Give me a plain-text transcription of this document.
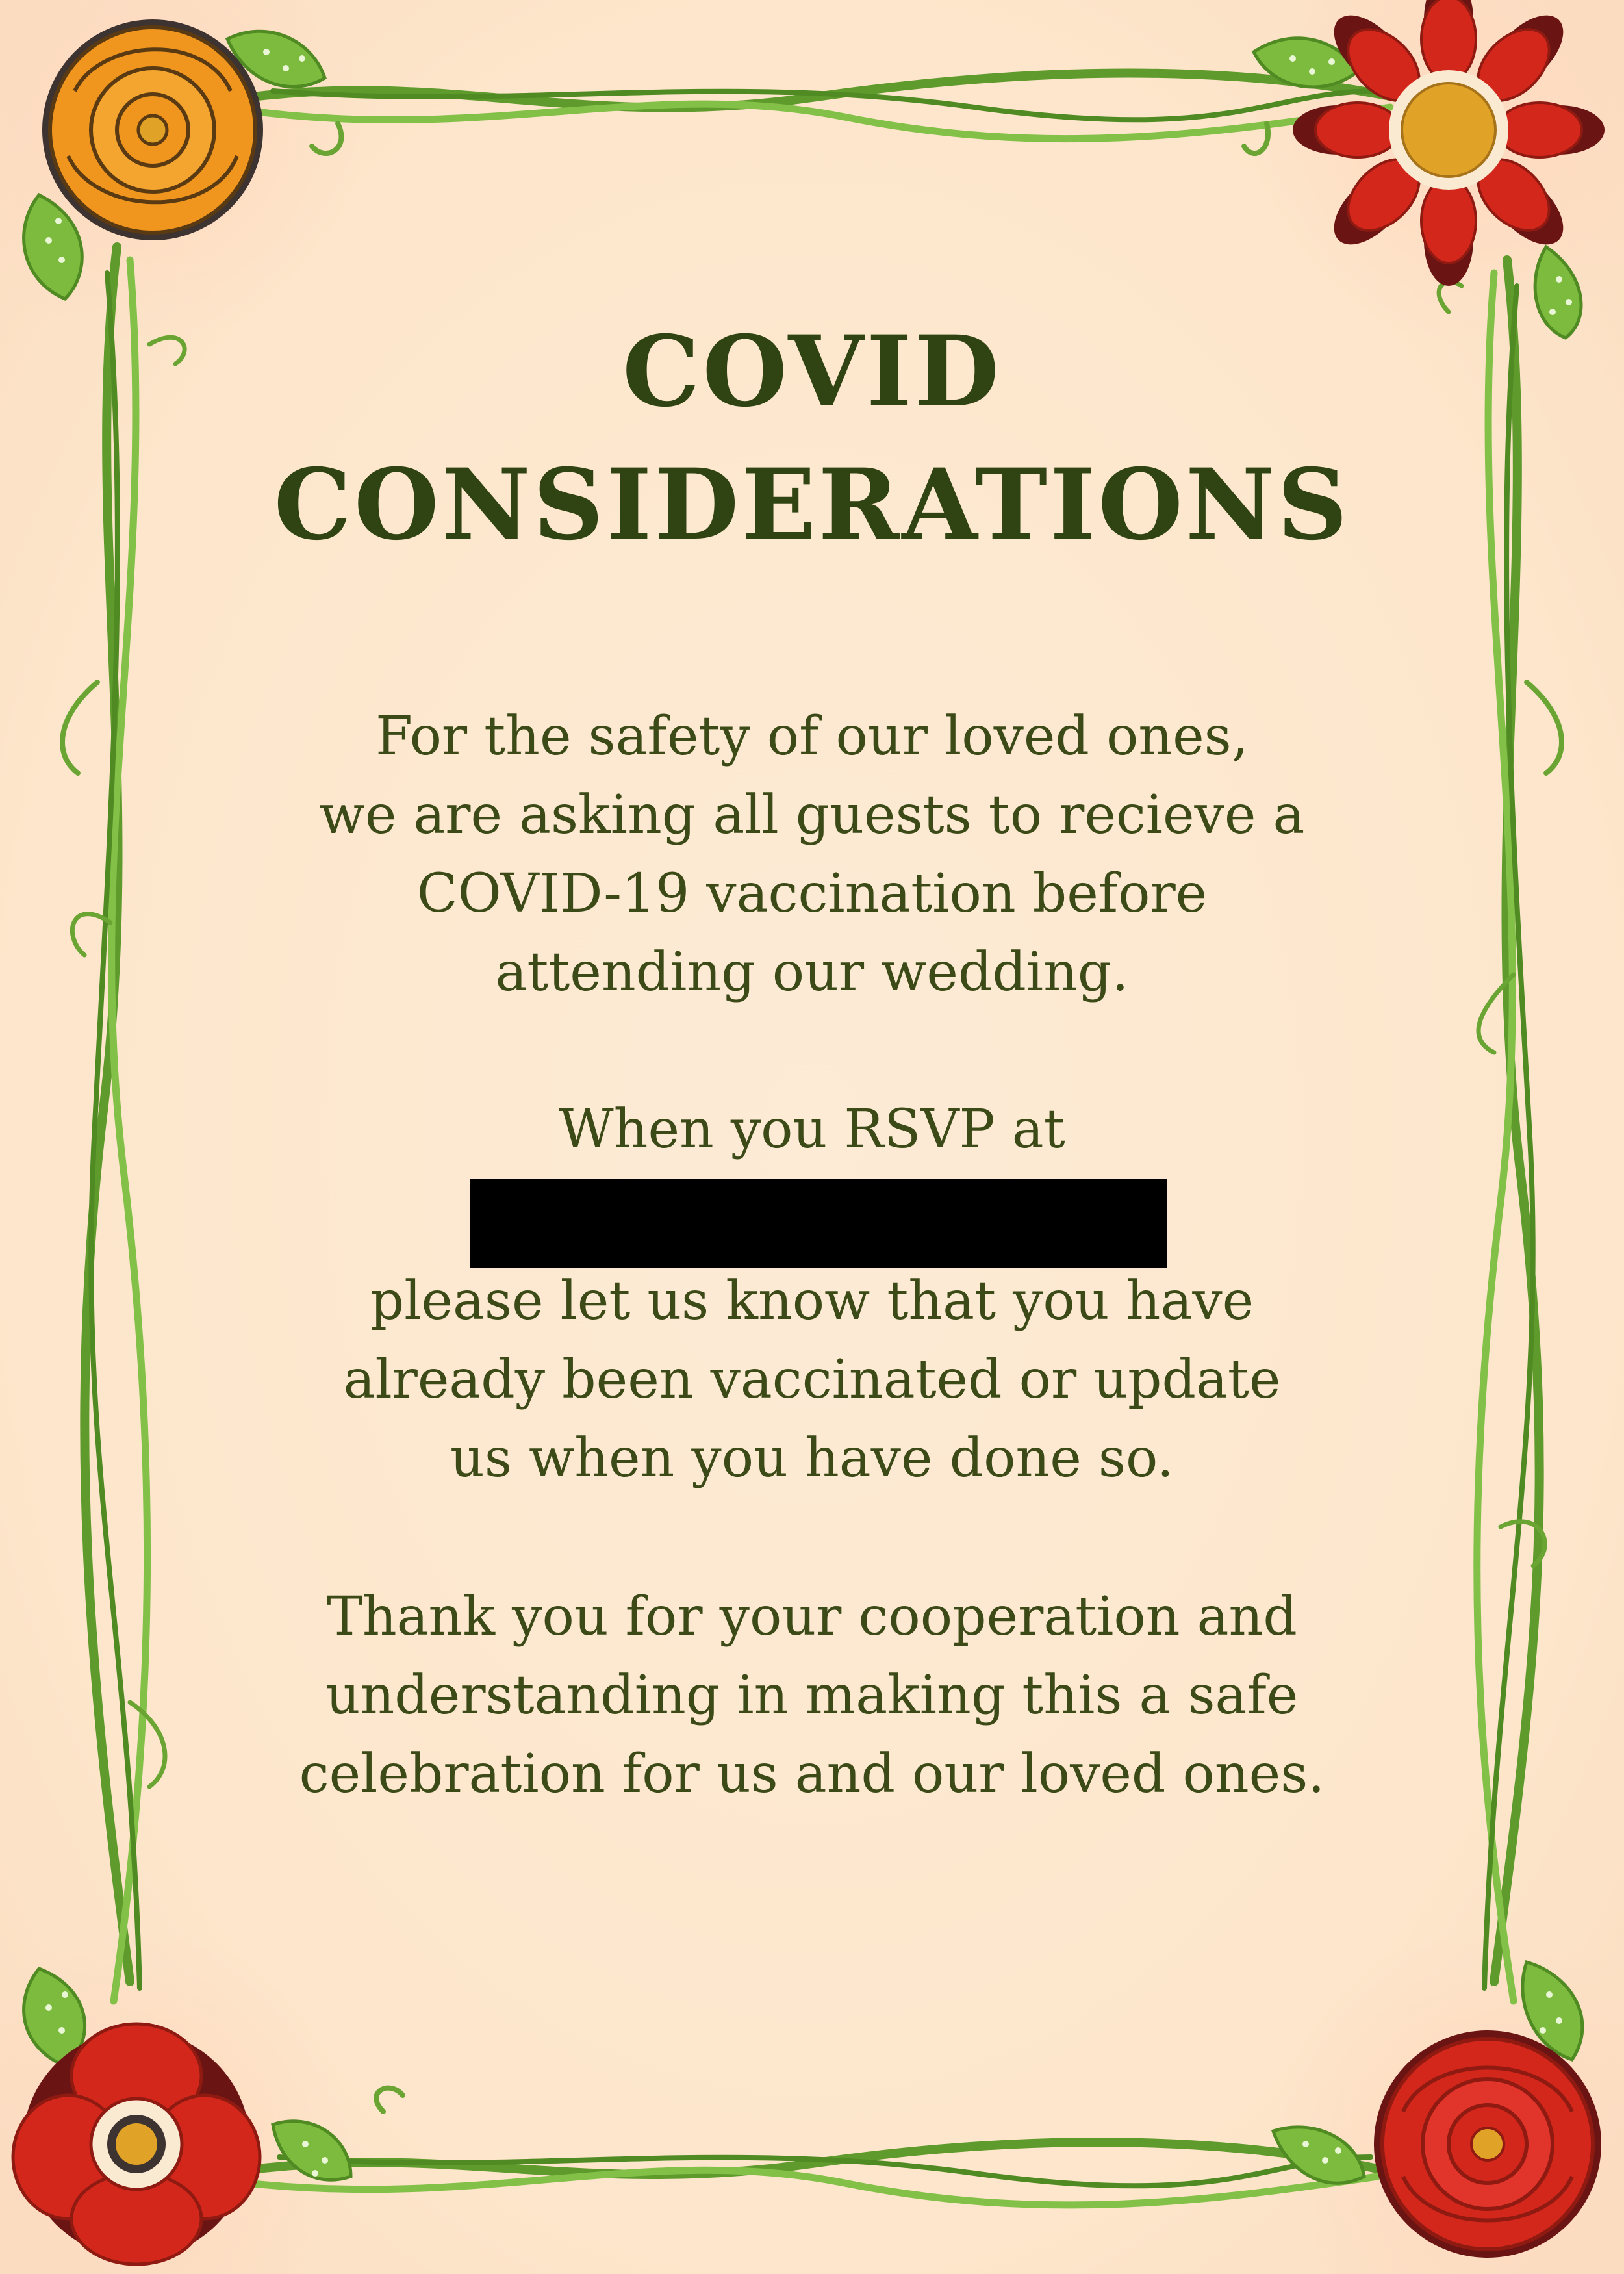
COVID
CONSIDERATIONS
For the safety of our loved ones,
we are asking all guests to recieve a
COVID-19 vaccination before
attending our wedding.
When you RSVP at
please let us know that you have
already been vaccinated or update
us when you have done so.
Thank you for your cooperation and
understanding in making this a safe
celebration for us and our loved ones.
